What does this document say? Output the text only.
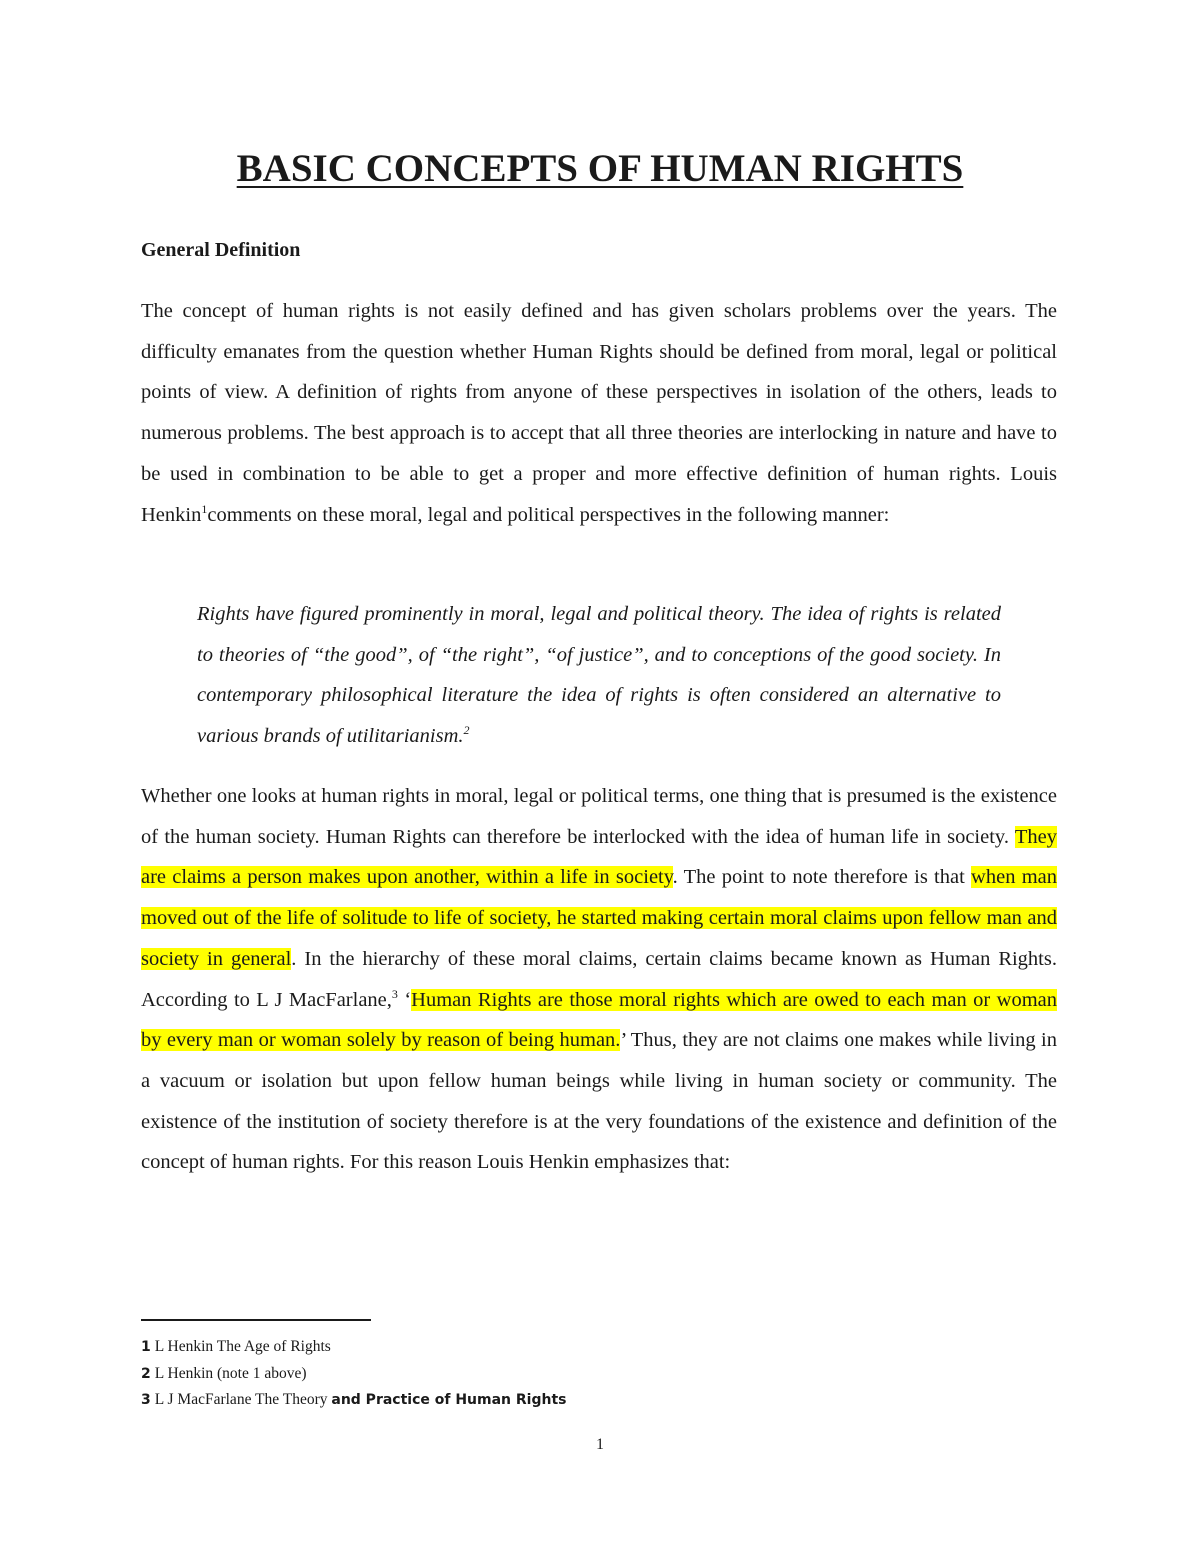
BASIC CONCEPTS OF HUMAN RIGHTS
General Definition

The concept of human rights is not easily defined and has given scholars problems over the years. The difficulty emanates from the question whether Human Rights should be defined from moral, legal or political points of view. A definition of rights from anyone of these perspectives in isolation of the others, leads to numerous problems. The best approach is to accept that all three theories are interlocking in nature and have to be used in combination to be able to get a proper and more effective definition of human rights. Louis Henkin$^1$comments on these moral, legal and political perspectives in the following manner:

Rights have figured prominently in moral, legal and political theory. The idea of rights is related to theories of “the good”, of “the right”, “of justice”, and to conceptions of the good society. In contemporary philosophical literature the idea of rights is often considered an alternative to various brands of utilitarianism.$^2$

Whether one looks at human rights in moral, legal or political terms, one thing that is presumed is the existence of the human society. Human Rights can therefore be interlocked with the idea of human life in society. They are claims a person makes upon another, within a life in society. The point to note therefore is that when man moved out of the life of solitude to life of society, he started making certain moral claims upon fellow man and society in general. In the hierarchy of these moral claims, certain claims became known as Human Rights. According to L J MacFarlane,$^3$ ‘Human Rights are those moral rights which are owed to each man or woman by every man or woman solely by reason of being human.’ Thus, they are not claims one makes while living in a vacuum or isolation but upon fellow human beings while living in human society or community. The existence of the institution of society therefore is at the very foundations of the existence and definition of the concept of human rights. For this reason Louis Henkin emphasizes that:

1 L Henkin The Age of Rights
2 L Henkin (note 1 above)
3 L J MacFarlane The Theory and Practice of Human Rights

1
